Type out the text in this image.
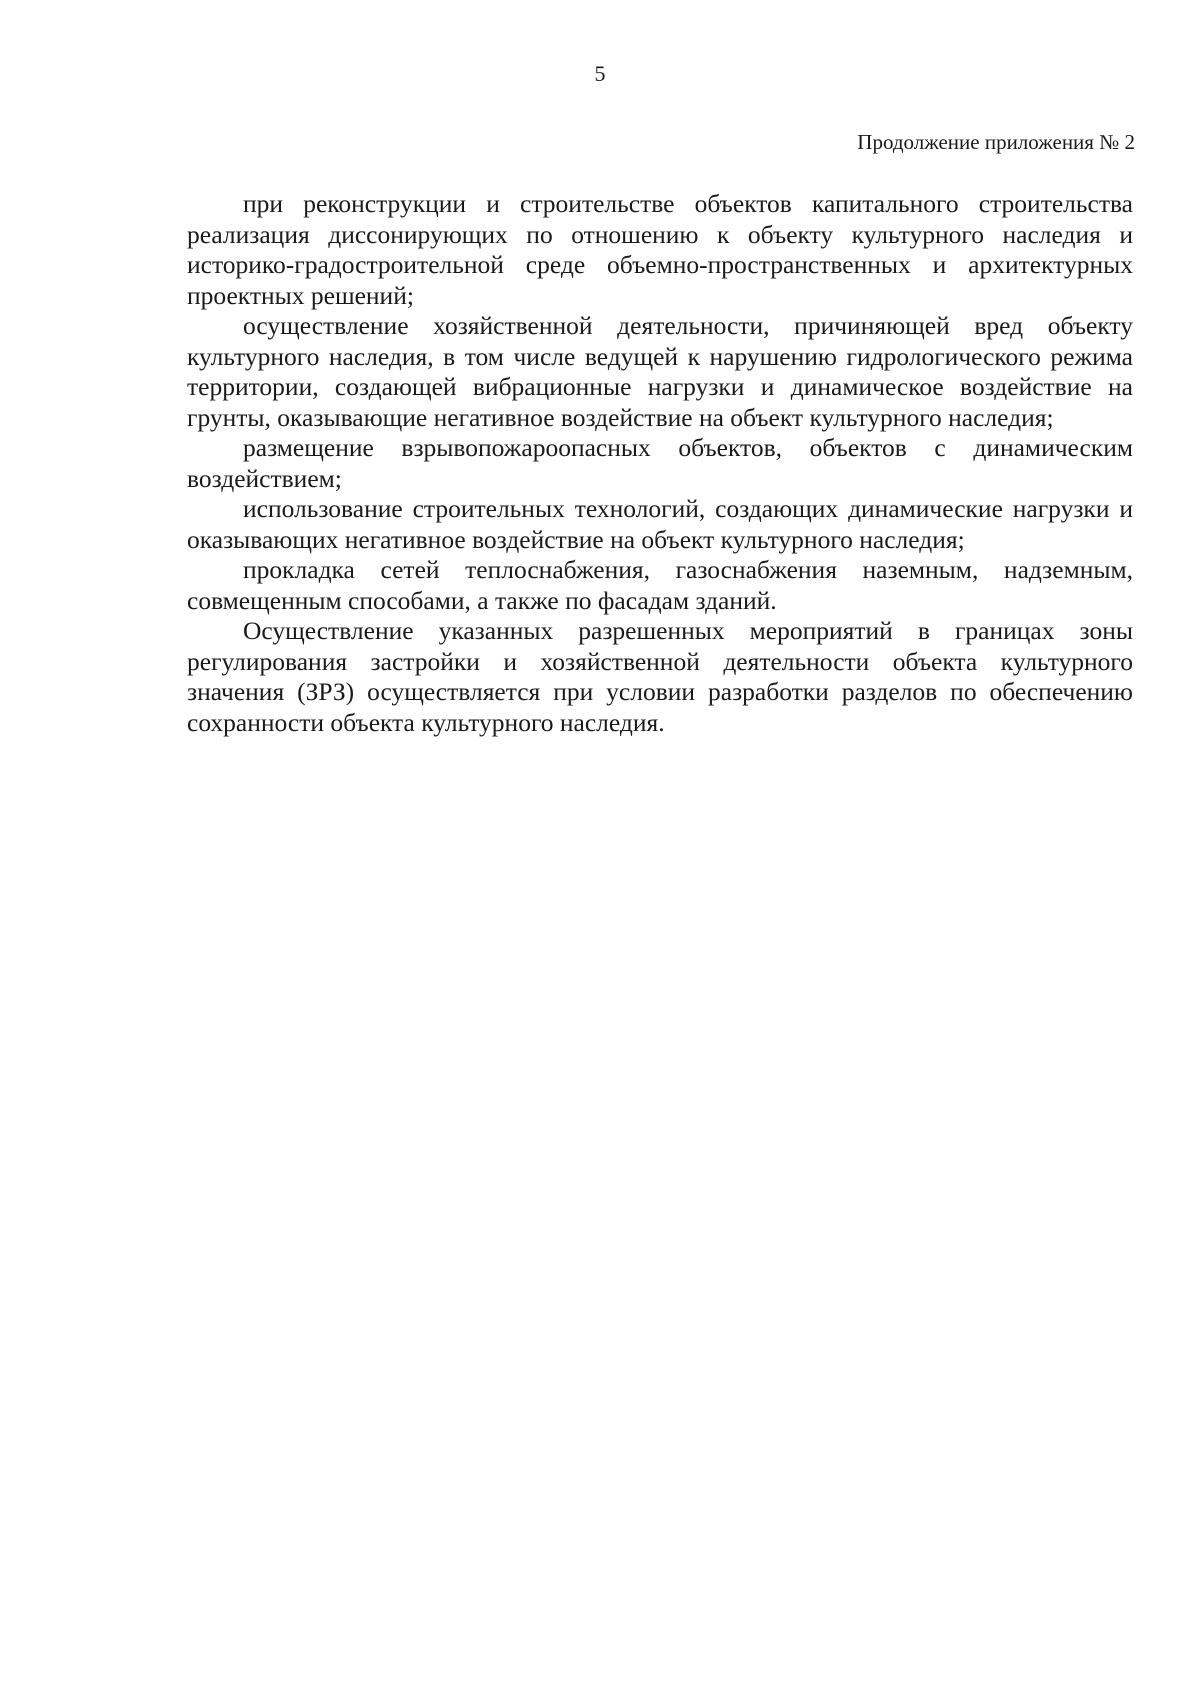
5
Продолжение приложения № 2

при реконструкции и строительстве объектов капитального строительства реализация диссонирующих по отношению к объекту культурного наследия и историко-градостроительной среде объемно-пространственных и архитектурных проектных решений;

осуществление хозяйственной деятельности, причиняющей вред объекту культурного наследия, в том числе ведущей к нарушению гидрологического режима территории, создающей вибрационные нагрузки и динамическое воздействие на грунты, оказывающие негативное воздействие на объект культурного наследия;

размещение взрывопожароопасных объектов, объектов с динамическим воздействием;

использование строительных технологий, создающих динамические нагрузки и оказывающих негативное воздействие на объект культурного наследия;

прокладка сетей теплоснабжения, газоснабжения наземным, надземным, совмещенным способами, а также по фасадам зданий.

Осуществление указанных разрешенных мероприятий в границах зоны регулирования застройки и хозяйственной деятельности объекта культурного значения (ЗРЗ) осуществляется при условии разработки разделов по обеспечению сохранности объекта культурного наследия.
